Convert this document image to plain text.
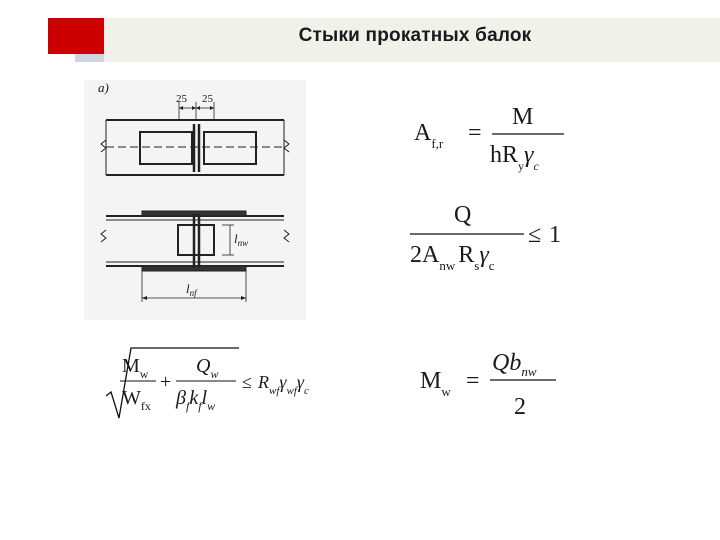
Стыки прокатных балок
a)
25 25
$l_{nw}$
$l_{nf}$
$A_{f,r}$ =
M
$hR_y\gamma_c$
Q
$2A_{nw}$ $R_s\gamma_c$
≤ 1
$M_w$
$W_{fx}$
+
$Q_w$
$\beta_fk_fl_w$
≤ $R_{wf}\gamma_{wf}\gamma_c$	$M_w$ =
$Qb_{nw}$
2
